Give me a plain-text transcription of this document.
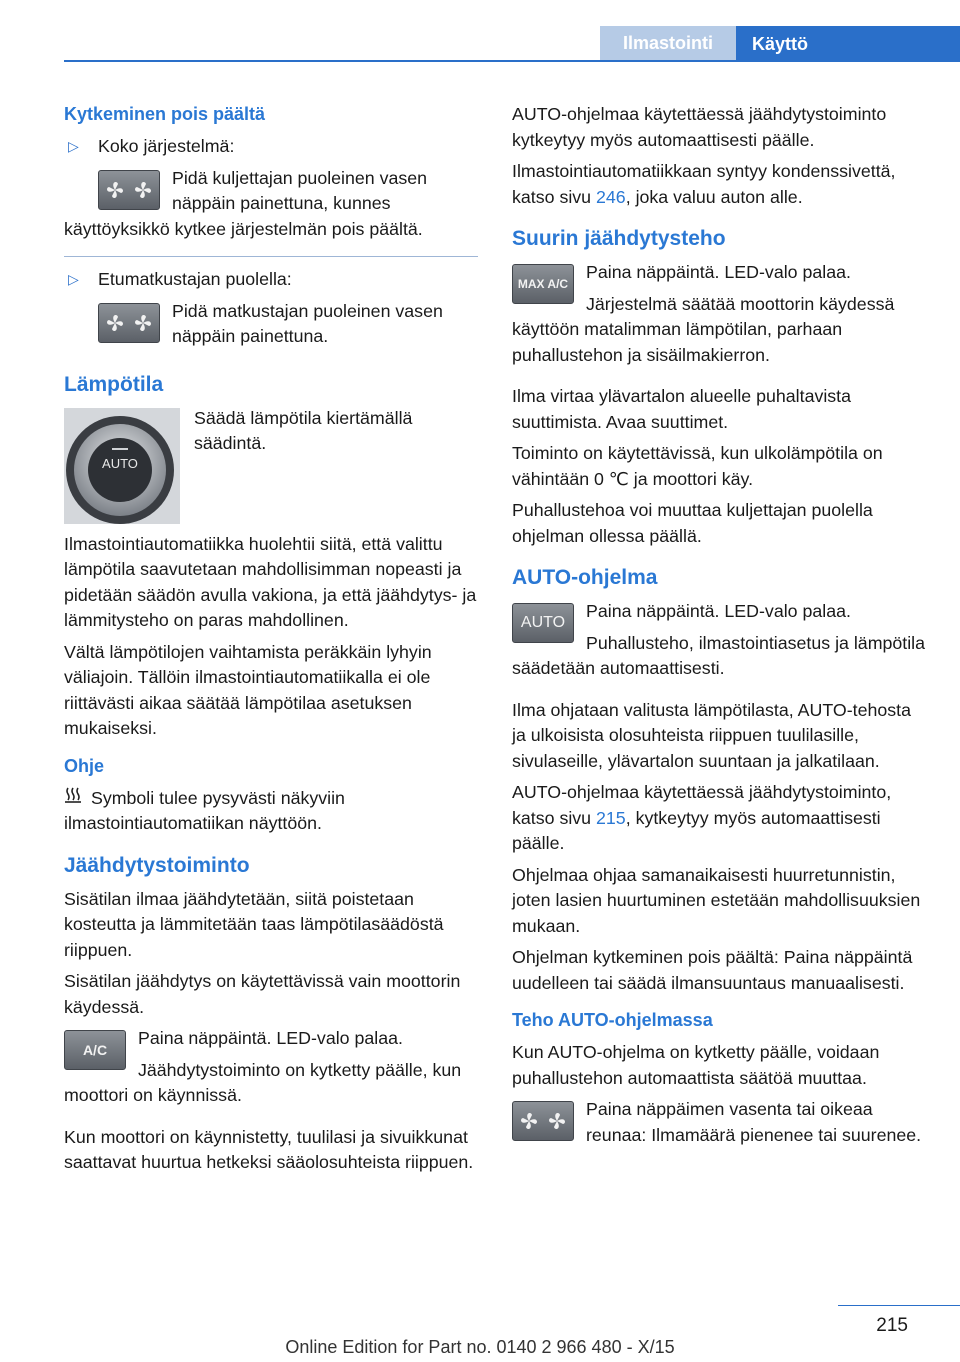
Ilmastointi	Käyttö
Kytkeminen pois päältä
▷ Koko järjestelmä:

Pidä kuljettajan puoleinen vasen näppäin painettuna, kunnes käyttöyksikkö kytkee järjestelmän pois päältä.

▷ Etumatkustajan puolella:

Pidä matkustajan puoleinen vasen näppäin painettuna.

Lämpötila
AUTO

Säädä lämpötila kiertämällä säädintä.

Ilmastointiautomatiikka huolehtii siitä, että valittu lämpötila saavutetaan mahdollisimman nopeasti ja pidetään säädön avulla vakiona, ja että jäähdytys- ja lämmitysteho on paras mahdollinen.

Vältä lämpötilojen vaihtamista peräkkäin lyhyin väliajoin. Tällöin ilmastointiautomatiikalla ei ole riittävästi aikaa säätää lämpötilaa asetuksen mukaiseksi.

Ohje

Symboli tulee pysyvästi näkyviin ilmastointiautomatiikan näyttöön.

Jäähdytystoiminto

Sisätilan ilmaa jäähdytetään, siitä poistetaan kosteutta ja lämmitetään taas lämpötilasäädöstä riippuen.

Sisätilan jäähdytys on käytettävissä vain moottorin käydessä.

A/C

Paina näppäintä. LED-valo palaa.

Jäähdytystoiminto on kytketty päälle, kun moottori on käynnissä.

Kun moottori on käynnistetty, tuulilasi ja sivuikkunat saattavat huurtua hetkeksi sääolosuhteista riippuen.

AUTO-ohjelmaa käytettäessä jäähdytystoiminto kytkeytyy myös automaattisesti päälle.

Ilmastointiautomatiikkaan syntyy kondenssivettä, katso sivu 246, joka valuu auton alle.

Suurin jäähdytysteho
MAX A/C

Paina näppäintä. LED-valo palaa.

Järjestelmä säätää moottorin käydessä käyttöön matalimman lämpötilan, parhaan puhallustehon ja sisäilmakierron.

Ilma virtaa ylävartalon alueelle puhaltavista suuttimista. Avaa suuttimet.

Toiminto on käytettävissä, kun ulkolämpötila on vähintään 0 ℃ ja moottori käy.

Puhallustehoa voi muuttaa kuljettajan puolella ohjelman ollessa päällä.

AUTO-ohjelma
AUTO

Paina näppäintä. LED-valo palaa.

Puhallusteho, ilmastointiasetus ja lämpötila säädetään automaattisesti.

Ilma ohjataan valitusta lämpötilasta, AUTO-tehosta ja ulkoisista olosuhteista riippuen tuulilasille, sivulaseille, ylävartalon suuntaan ja jalkatilaan.

AUTO-ohjelmaa käytettäessä jäähdytystoiminto, katso sivu 215, kytkeytyy myös automaattisesti päälle.

Ohjelmaa ohjaa samanaikaisesti huurretunnistin, joten lasien huurtuminen estetään mahdollisuuksien mukaan.

Ohjelman kytkeminen pois päältä: Paina näppäintä uudelleen tai säädä ilmansuuntaus manuaalisesti.

Teho AUTO-ohjelmassa

Kun AUTO-ohjelma on kytketty päälle, voidaan puhallustehon automaattista säätöä muuttaa.

Paina näppäimen vasenta tai oikeaa reunaa: Ilmamäärä pienenee tai suurenee.

215
Online Edition for Part no. 0140 2 966 480 - X/15
